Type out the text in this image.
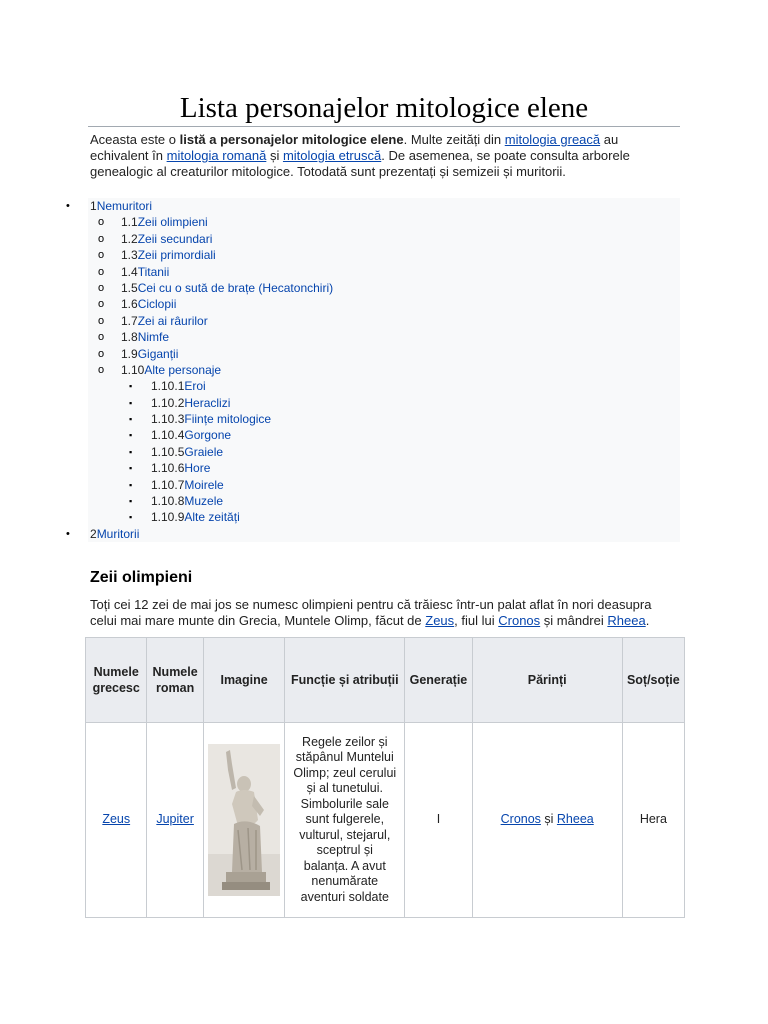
Lista personajelor mitologice elene

Aceasta este o listă a personajelor mitologice elene. Multe zeități din mitologia greacă au echivalent în mitologia romană și mitologia etruscă. De asemenea, se poate consulta arborele genealogic al creaturilor mitologice. Totodată sunt prezentați și semizeii și muritorii.

• 1Nemuritori
o 1.1Zeii olimpieni
o 1.2Zeii secundari
o 1.3Zeii primordiali
o 1.4Titanii
o 1.5Cei cu o sută de brațe (Hecatonchiri)
o 1.6Ciclopii
o 1.7Zei ai râurilor
o 1.8Nimfe
o 1.9Giganții
o 1.10Alte personaje
▪ 1.10.1Eroi
▪ 1.10.2Heraclizi
▪ 1.10.3Ființe mitologice
▪ 1.10.4Gorgone
▪ 1.10.5Graiele
▪ 1.10.6Hore
▪ 1.10.7Moirele
▪ 1.10.8Muzele
▪ 1.10.9Alte zeități
• 2Muritorii
Zeii olimpieni

Toți cei 12 zei de mai jos se numesc olimpieni pentru că trăiesc într-un palat aflat în nori deasupra celui mai mare munte din Grecia, Muntele Olimp, făcut de Zeus, fiul lui Cronos și mândrei Rheea.

Numele grecesc	Numele roman	Imagine	Funcție și atribuții	Generație	Părinți	Soț/soție
Zeus	Jupiter		Regele zeilor și stăpânul Muntelui Olimp; zeul cerului și al tunetului. Simbolurile sale sunt fulgerele, vulturul, stejarul, sceptrul și balanța. A avut nenumărate aventuri soldate	I	Cronos și Rheea	Hera
